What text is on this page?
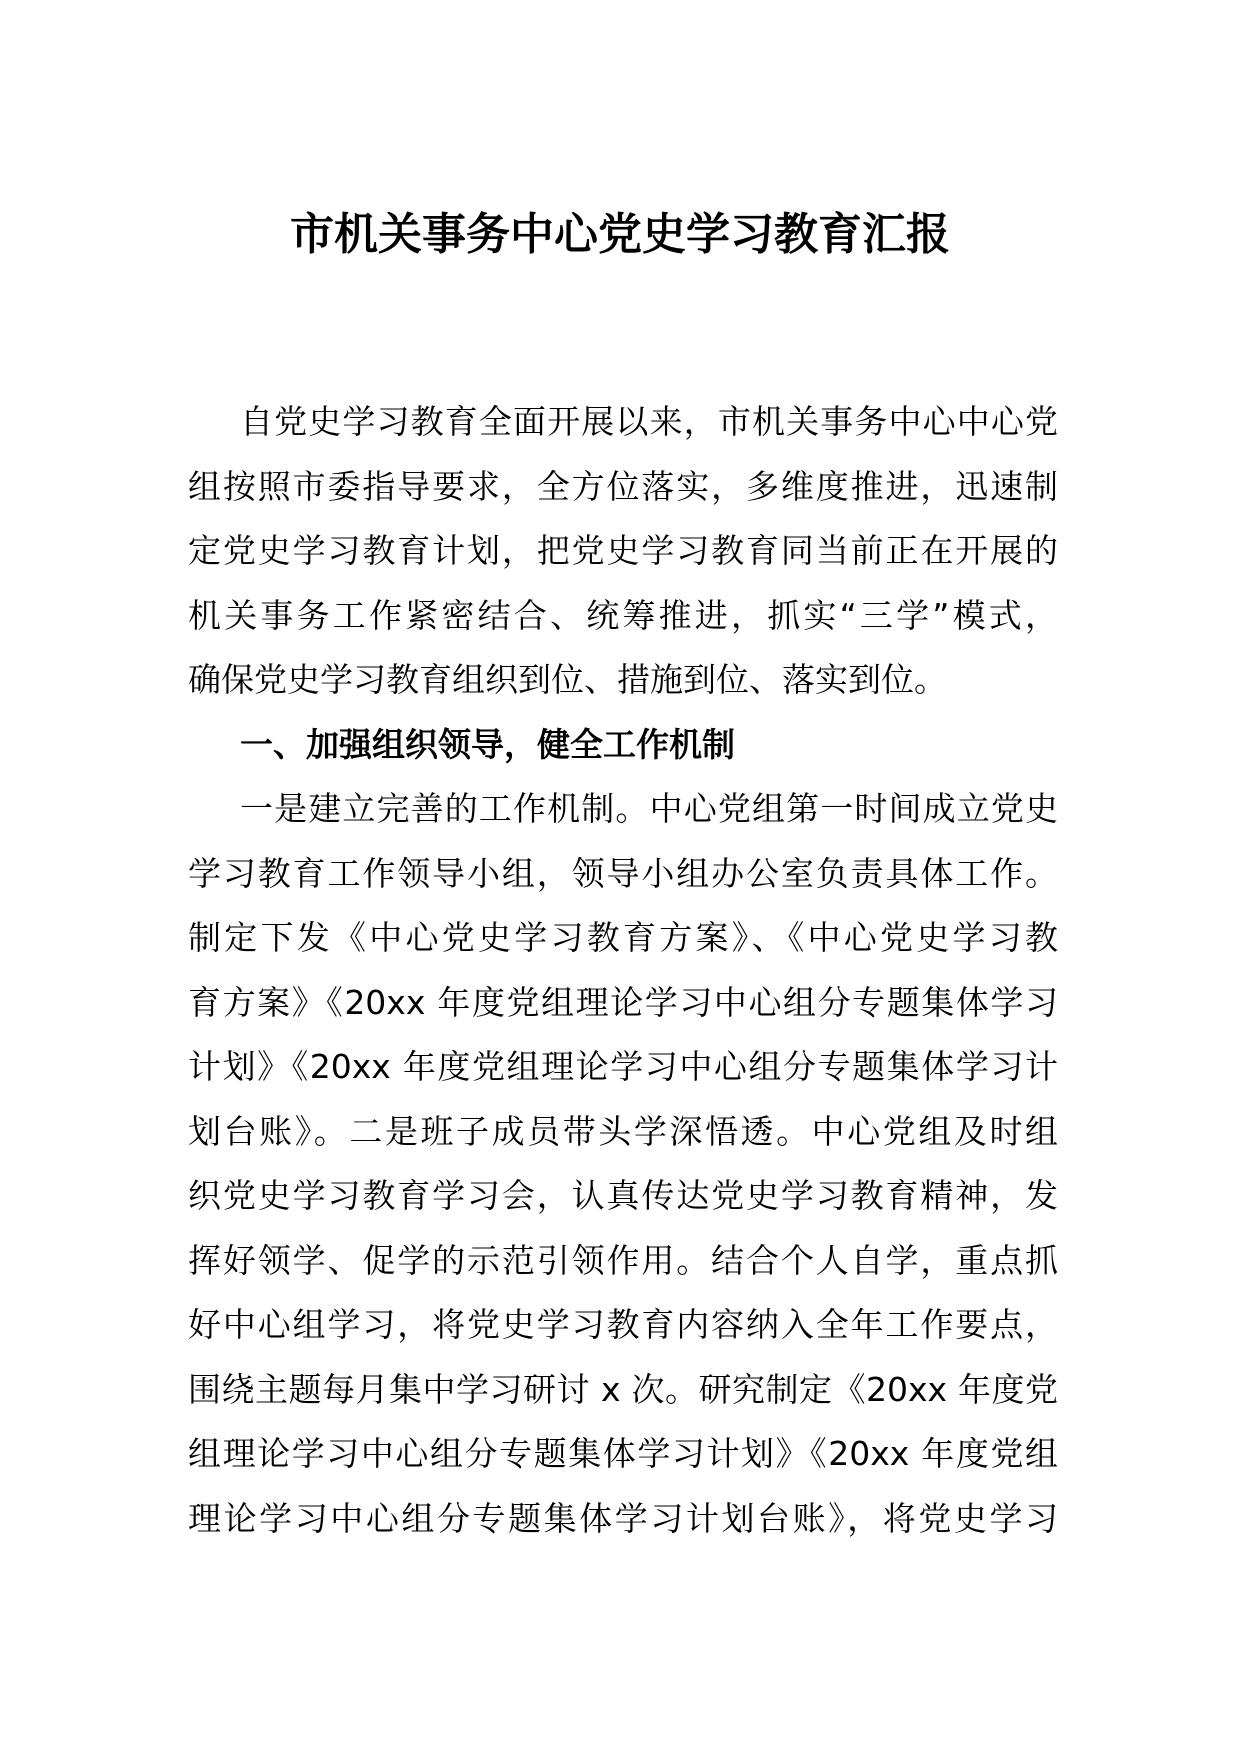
市机关事务中心党史学习教育汇报
自党史学习教育全面开展以来，市机关事务中心中心党
组按照市委指导要求，全方位落实，多维度推进，迅速制
定党史学习教育计划，把党史学习教育同当前正在开展的
机关事务工作紧密结合、统筹推进，抓实“三学”模式，
确保党史学习教育组织到位、措施到位、落实到位。
一、加强组织领导，健全工作机制
一是建立完善的工作机制。中心党组第一时间成立党史
学习教育工作领导小组，领导小组办公室负责具体工作。
制定下发《中心党史学习教育方案》、《中心党史学习教
育方案》《20xx 年度党组理论学习中心组分专题集体学习
计划》《20xx 年度党组理论学习中心组分专题集体学习计
划台账》。二是班子成员带头学深悟透。中心党组及时组
织党史学习教育学习会，认真传达党史学习教育精神，发
挥好领学、促学的示范引领作用。结合个人自学，重点抓
好中心组学习，将党史学习教育内容纳入全年工作要点，
围绕主题每月集中学习研讨 x 次。研究制定《20xx 年度党
组理论学习中心组分专题集体学习计划》《20xx 年度党组
理论学习中心组分专题集体学习计划台账》，将党史学习
